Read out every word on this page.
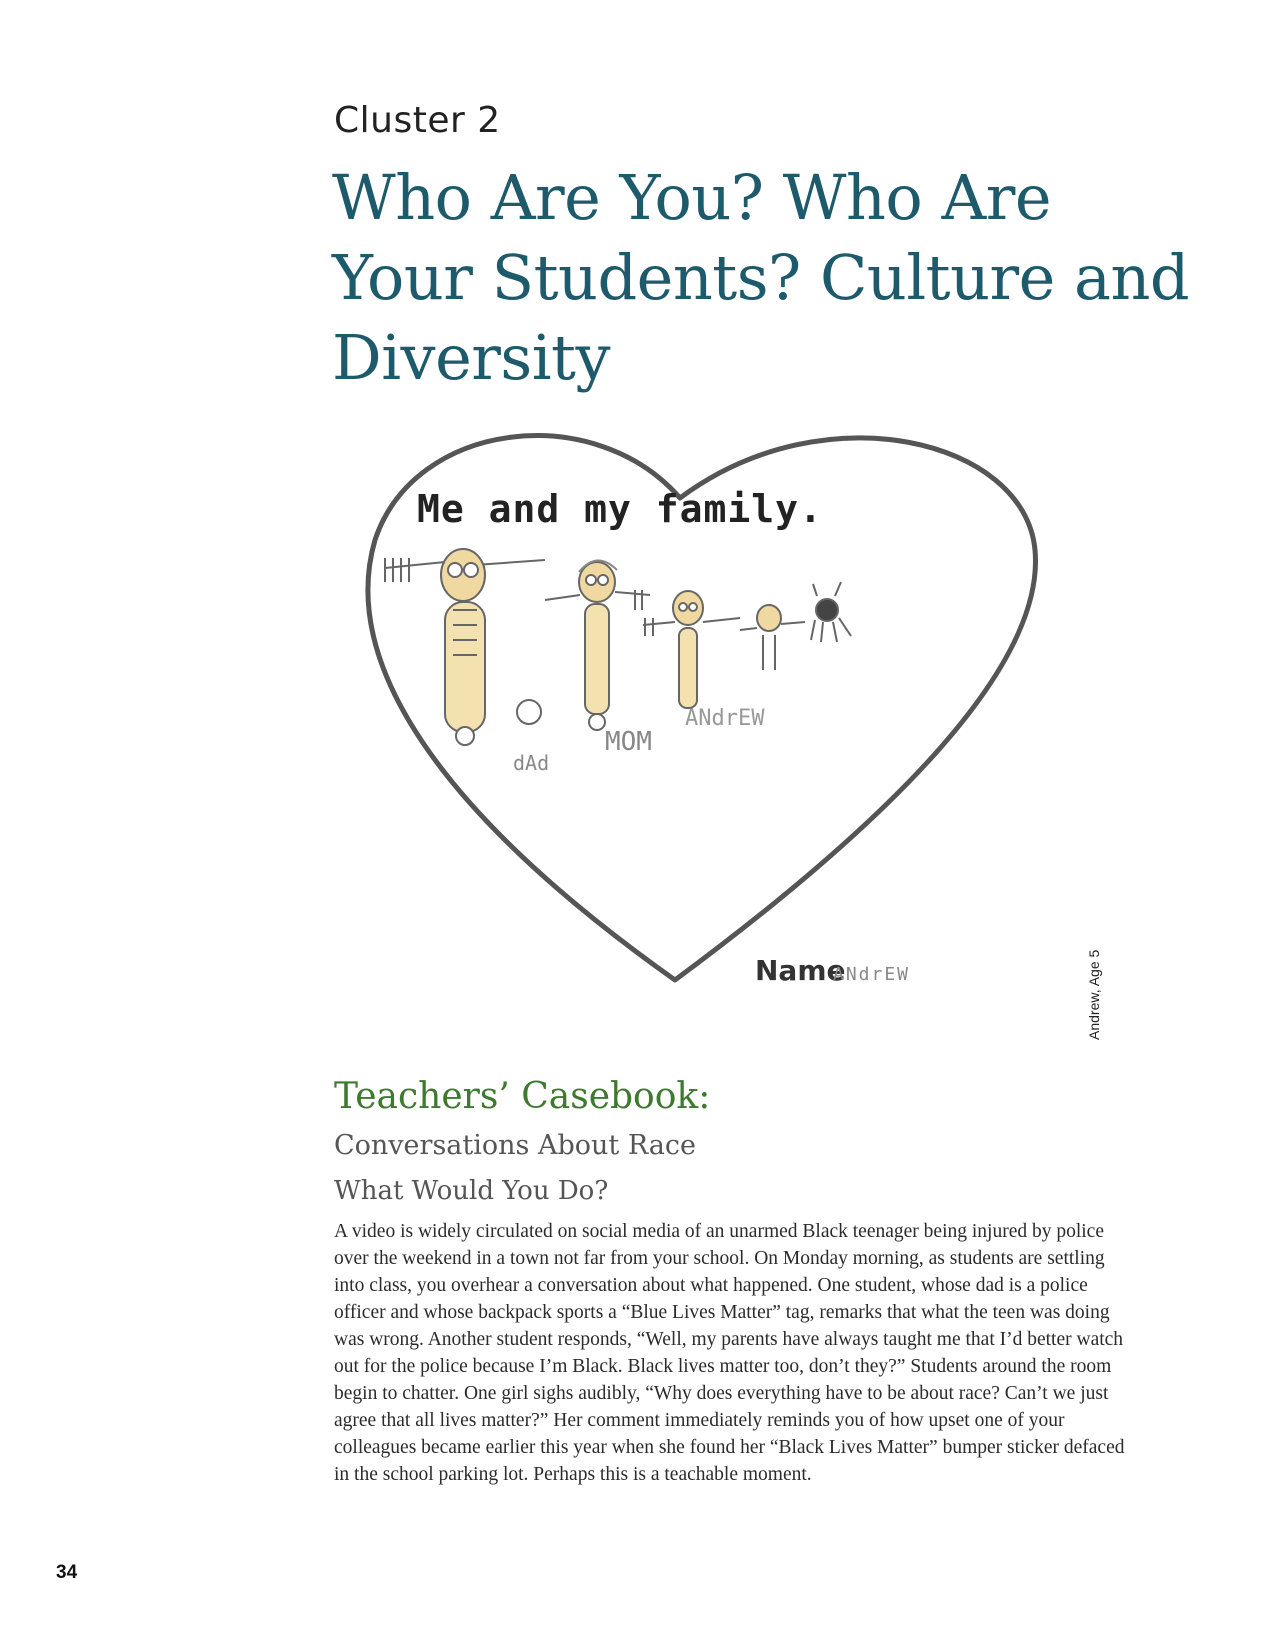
Cluster 2
Who Are You? Who Are Your Students? Culture and Diversity
Me and my family.
dAd
MOM
ANdrEW
Name
ANdrEW	Andrew, Age 5
Teachers’ Casebook:
Conversations About Race
What Would You Do?

A video is widely circulated on social media of an unarmed Black teenager being injured by police over the weekend in a town not far from your school. On Monday morning, as students are settling into class, you overhear a conversation about what happened. One student, whose dad is a police officer and whose backpack sports a “Blue Lives Matter” tag, remarks that what the teen was doing was wrong. Another student responds, “Well, my parents have always taught me that I’d better watch out for the police because I’m Black. Black lives matter too, don’t they?” Students around the room begin to chatter. One girl sighs audibly, “Why does everything have to be about race? Can’t we just agree that all lives matter?” Her comment immediately reminds you of how upset one of your colleagues became earlier this year when she found her “Black Lives Matter” bumper sticker defaced in the school parking lot. Perhaps this is a teachable moment.

34
